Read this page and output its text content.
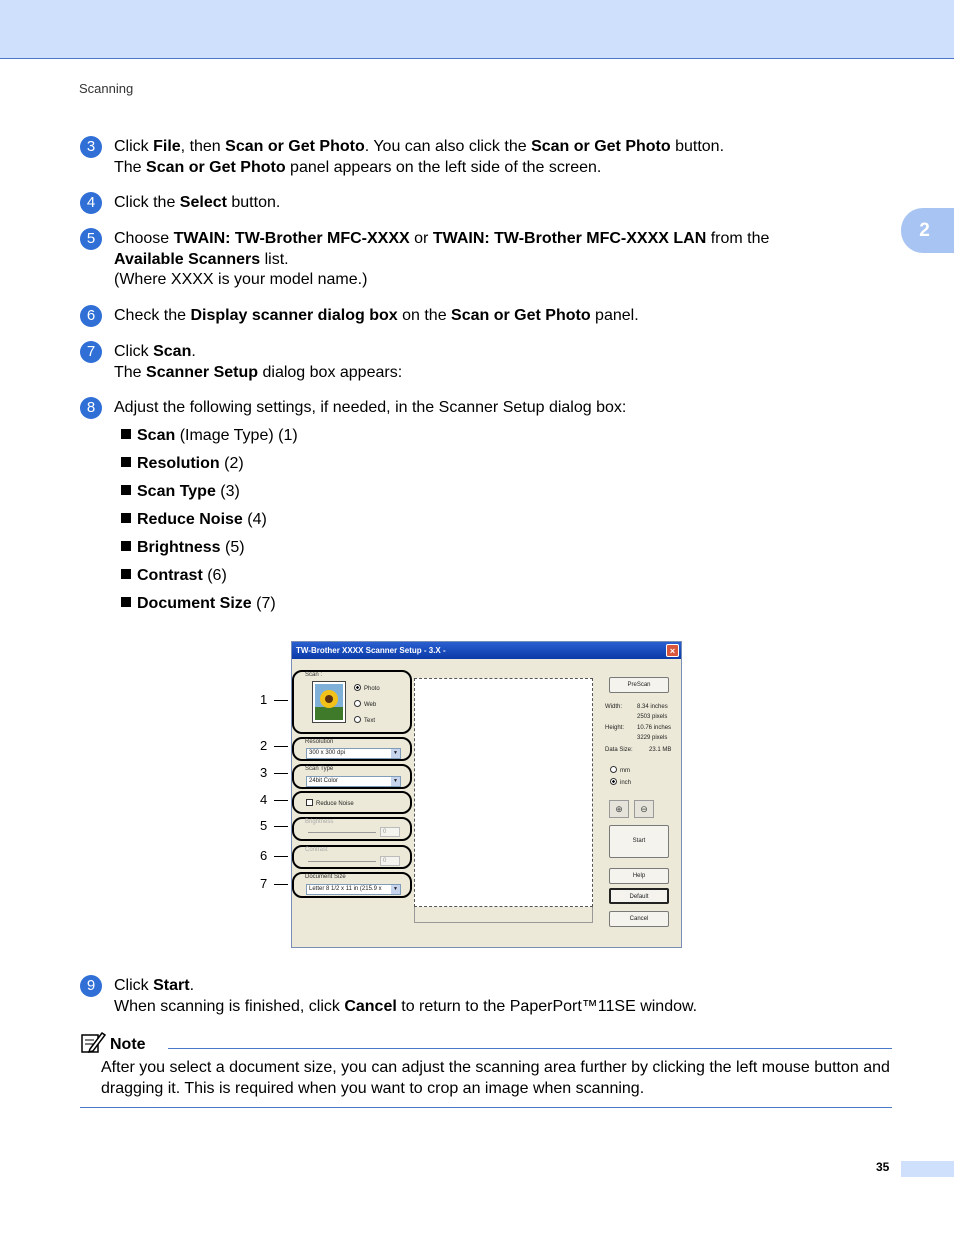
Scanning
2
3	Click File, then Scan or Get Photo. You can also click the Scan or Get Photo button.

The Scan or Get Photo panel appears on the left side of the screen.

4	Click the Select button.

5	Choose TWAIN: TW-Brother MFC-XXXX or TWAIN: TW-Brother MFC-XXXX LAN from the

Available Scanners list.

(Where XXXX is your model name.)

6	Check the Display scanner dialog box on the Scan or Get Photo panel.

7	Click Scan.

The Scanner Setup dialog box appears:

8	Adjust the following settings, if needed, in the Scanner Setup dialog box:

9	Click Start.

When scanning is finished, click Cancel to return to the PaperPort™11SE window.

Scan (Image Type) (1)
Resolution (2)
Scan Type (3)
Reduce Noise (4)
Brightness (5)
Contrast (6)
Document Size (7)
1
2
3
4
5
6
7
TW-Brother XXXX Scanner Setup - 3.X -	×
Scan :
Photo
Web
Text
Resolution
300 x 300 dpi	▼
Scan Type
24bit Color	▼
Reduce Noise
Brightness
0
Contrast
0
Document Size
Letter 8 1/2 x 11 in (215.9 x	▼
PreScan
Width: 8.34 inches
2503 pixels
Height: 10.76 inches
3229 pixels
Data Size:	23.1 MB
mm
inch
⊕	⊖
Start
Help
Default
Cancel
Note
After you select a document size, you can adjust the scanning area further by clicking the left mouse button and dragging it. This is required when you want to crop an image when scanning.
35
